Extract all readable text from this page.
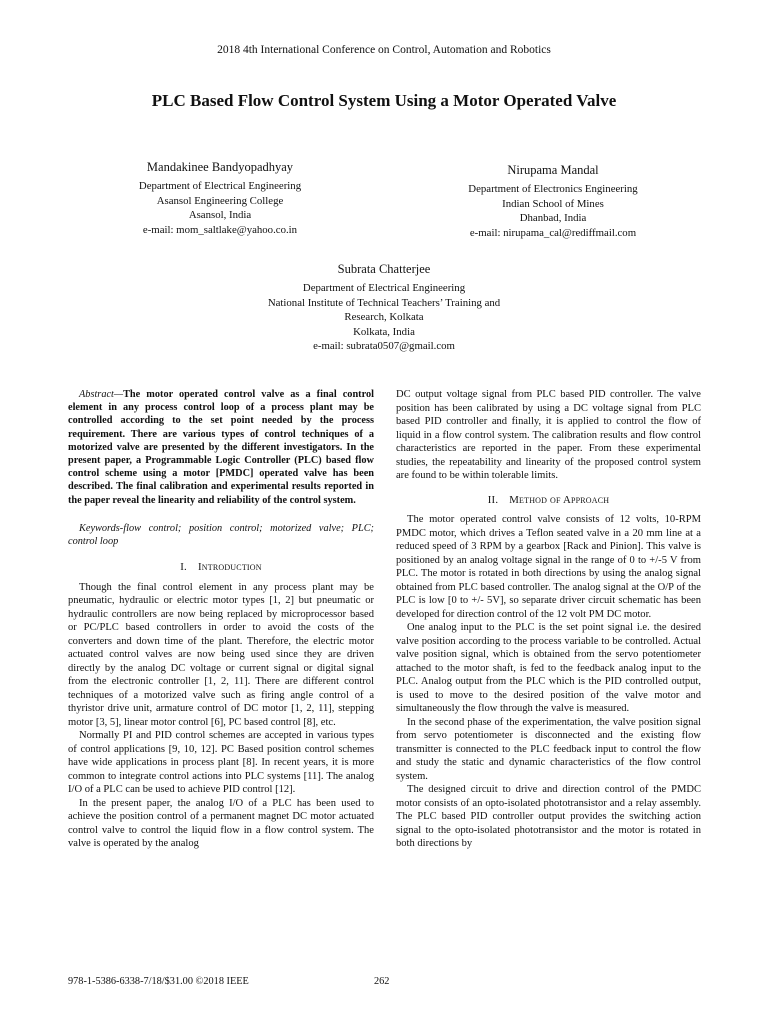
2018 4th International Conference on Control, Automation and Robotics
PLC Based Flow Control System Using a Motor Operated Valve
Mandakinee Bandyopadhyay
Department of Electrical Engineering
Asansol Engineering College
Asansol, India
e-mail: mom_saltlake@yahoo.co.in
Nirupama Mandal
Department of Electronics Engineering
Indian School of Mines
Dhanbad, India
e-mail: nirupama_cal@rediffmail.com
Subrata Chatterjee
Department of Electrical Engineering
National Institute of Technical Teachers’ Training and
Research, Kolkata
Kolkata, India
e-mail: subrata0507@gmail.com

Abstract—The motor operated control valve as a final control element in any process control loop of a process plant may be controlled according to the set point needed by the process requirement. There are various types of control techniques of a motorized valve are presented by the different investigators. In the present paper, a Programmable Logic Controller (PLC) based flow control scheme using a motor [PMDC] operated valve has been described. The final calibration and experimental results reported in the paper reveal the linearity and reliability of the control system.

Keywords-flow control; position control; motorized valve; PLC; control loop

I. Introduction

Though the final control element in any process plant may be pneumatic, hydraulic or electric motor types [1, 2] but pneumatic or hydraulic controllers are now being replaced by microprocessor based or PC/PLC based controllers in order to avoid the costs of the converters and down time of the plant. Therefore, the electric motor actuated control valves are now being used since they are driven directly by the analog DC voltage or current signal or digital signal from the electronic controller [1, 2, 11]. There are different control techniques of a motorized valve such as firing angle control of a thyristor drive unit, armature control of DC motor [1, 2, 11], stepping motor [3, 5], linear motor control [6], PC based control [8], etc.

Normally PI and PID control schemes are accepted in various types of control applications [9, 10, 12]. PC Based position control schemes have wide applications in process plant [8]. In recent years, it is more common to integrate control actions into PLC systems [11]. The analog I/O of a PLC can be used to achieve PID control [12].

In the present paper, the analog I/O of a PLC has been used to achieve the position control of a permanent magnet DC motor actuated control valve to control the liquid flow in a flow control system. The valve is operated by the analog

DC output voltage signal from PLC based PID controller. The valve position has been calibrated by using a DC voltage signal from PLC based PID controller and finally, it is applied to control the flow of liquid in a flow control system. The calibration results and flow control characteristics are reported in the paper. From these experimental studies, the repeatability and linearity of the proposed control system are found to be within tolerable limits.

II. Method of Approach

The motor operated control valve consists of 12 volts, 10-RPM PMDC motor, which drives a Teflon seated valve in a 20 mm line at a reduced speed of 3 RPM by a gearbox [Rack and Pinion]. This valve is positioned by an analog voltage signal in the range of 0 to +/-5 V from PLC. The motor is rotated in both directions by using the analog signal obtained from PLC based controller. The analog signal at the O/P of the PLC is low [0 to +/- 5V], so separate driver circuit schematic has been developed for direction control of the 12 volt PM DC motor.

One analog input to the PLC is the set point signal i.e. the desired valve position according to the process variable to be controlled. Actual valve position signal, which is obtained from the servo potentiometer attached to the motor shaft, is fed to the feedback analog input to the PLC. Analog output from the PLC which is the PID controlled output, is used to move to the desired position of the valve motor and simultaneously the flow through the valve is measured.

In the second phase of the experimentation, the valve position signal from servo potentiometer is disconnected and the existing flow transmitter is connected to the PLC feedback input to control the flow and study the static and dynamic characteristics of the flow control system.

The designed circuit to drive and direction control of the PMDC motor consists of an opto-isolated phototransistor and a relay assembly. The PLC based PID controller output provides the switching action signal to the opto-isolated phototransistor and the motor is rotated in both directions by

978-1-5386-6338-7/18/$31.00 ©2018 IEEE	262
